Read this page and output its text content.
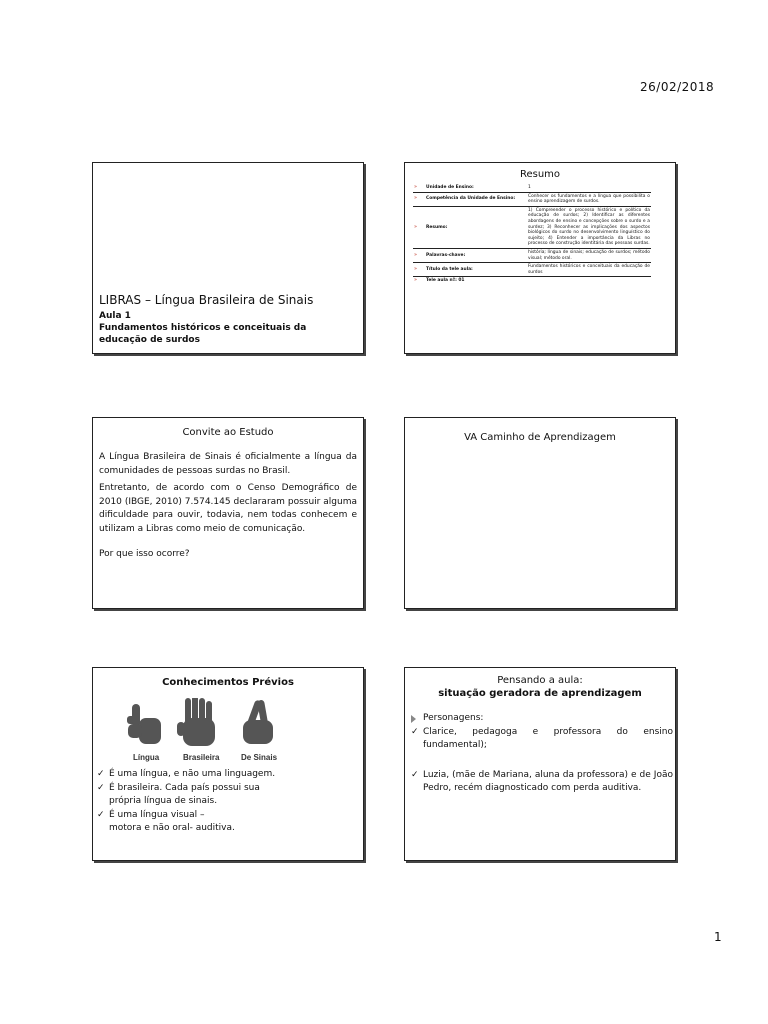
26/02/2018
LIBRAS – Língua Brasileira de Sinais
Aula 1
Fundamentos históricos e conceituais da educação de surdos
Resumo
»	Unidade de Ensino:	1
»	Competência da Unidade de Ensino:	Conhecer os fundamentos e a língua que possibilita o ensino aprendizagem de surdos.
»	Resumo:	1) Compreender o processo histórico e político da educação de surdos; 2) Identificar as diferentes abordagens de ensino e concepções sobre o surdo e a surdez; 3) Reconhecer as implicações dos aspectos biológicos do surdo no desenvolvimento linguístico do sujeito; 4) Entender a importância da Libras no processo de construção identitária das pessoas surdas.
»	Palavras-chave:	história; língua de sinais; educação de surdos; método visual; método oral.
»	Título da tele aula:	Fundamentos históricos e conceituais da educação de surdos
»	Tele aula nº: 01	
Convite ao Estudo

A Língua Brasileira de Sinais é oficialmente a língua da comunidades de pessoas surdas no Brasil.

Entretanto, de acordo com o Censo Demográfico de 2010 (IBGE, 2010) 7.574.145 declararam possuir alguma dificuldade para ouvir, todavia, nem todas conhecem e utilizam a Libras como meio de comunicação.

Por que isso ocorre?

VA Caminho de Aprendizagem
Conhecimentos Prévios
Língua	Brasileira	De Sinais
✓ É uma língua, e não uma linguagem.
✓ É brasileira. Cada país possui sua própria língua de sinais.
✓ É uma língua visual – motora e não oral- auditiva.
Pensando a aula:
situação geradora de aprendizagem
Personagens:
✓ Clarice, pedagoga e professora do ensino fundamental);
✓ Luzia, (mãe de Mariana, aluna da professora) e de João Pedro, recém diagnosticado com perda auditiva.
1
